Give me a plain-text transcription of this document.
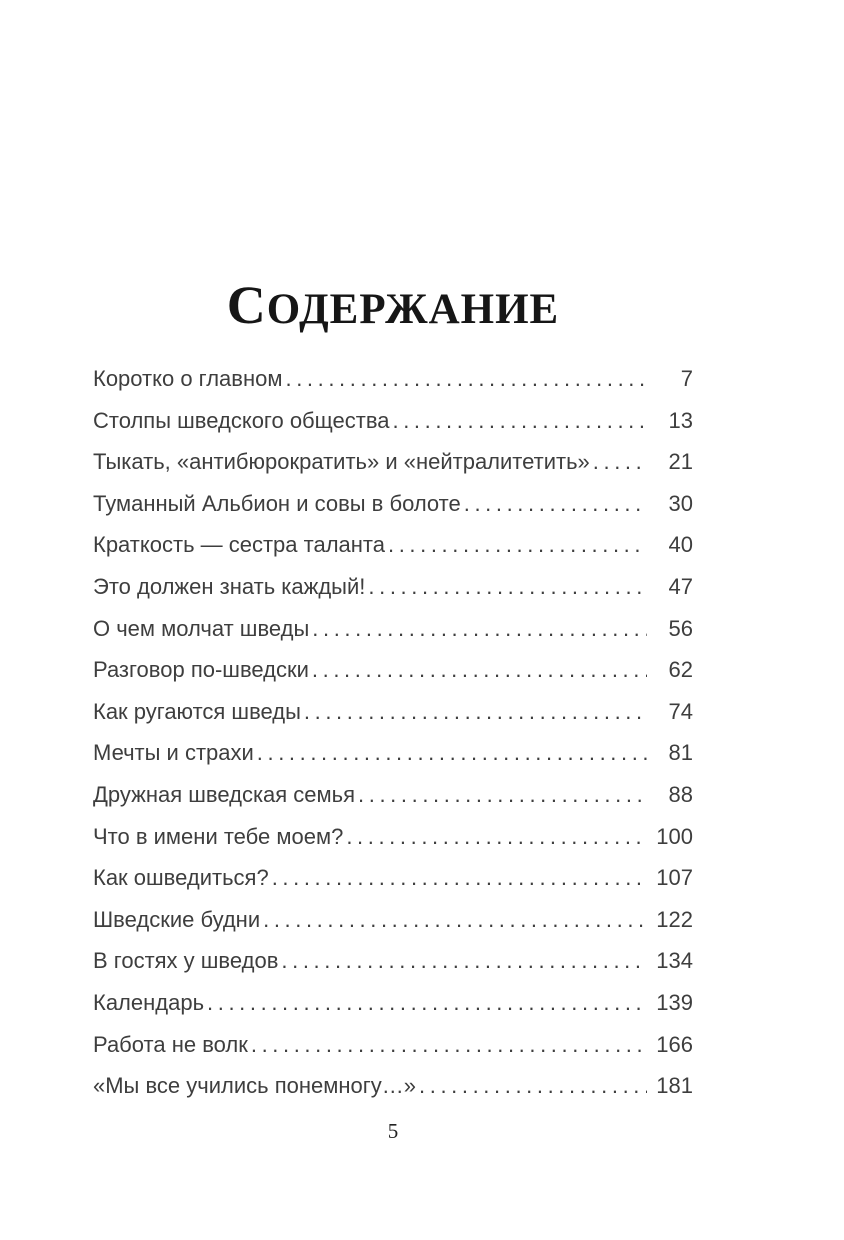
СОДЕРЖАНИЕ
Коротко о главном .....	7
Столпы шведского общества .....	13
Тыкать, «антибюрократить» и «нейтралитетить» .....	21
Туманный Альбион и совы в болоте .....	30
Краткость — сестра таланта .....	40
Это должен знать каждый! .....	47
О чем молчат шведы .....	56
Разговор по-шведски .....	62
Как ругаются шведы .....	74
Мечты и страхи .....	81
Дружная шведская семья .....	88
Что в имени тебе моем? .....	100
Как ошведиться? .....	107
Шведские будни .....	122
В гостях у шведов .....	134
Календарь .....	139
Работа не волк .....	166
«Мы все учились понемногу…» .....	181
5
